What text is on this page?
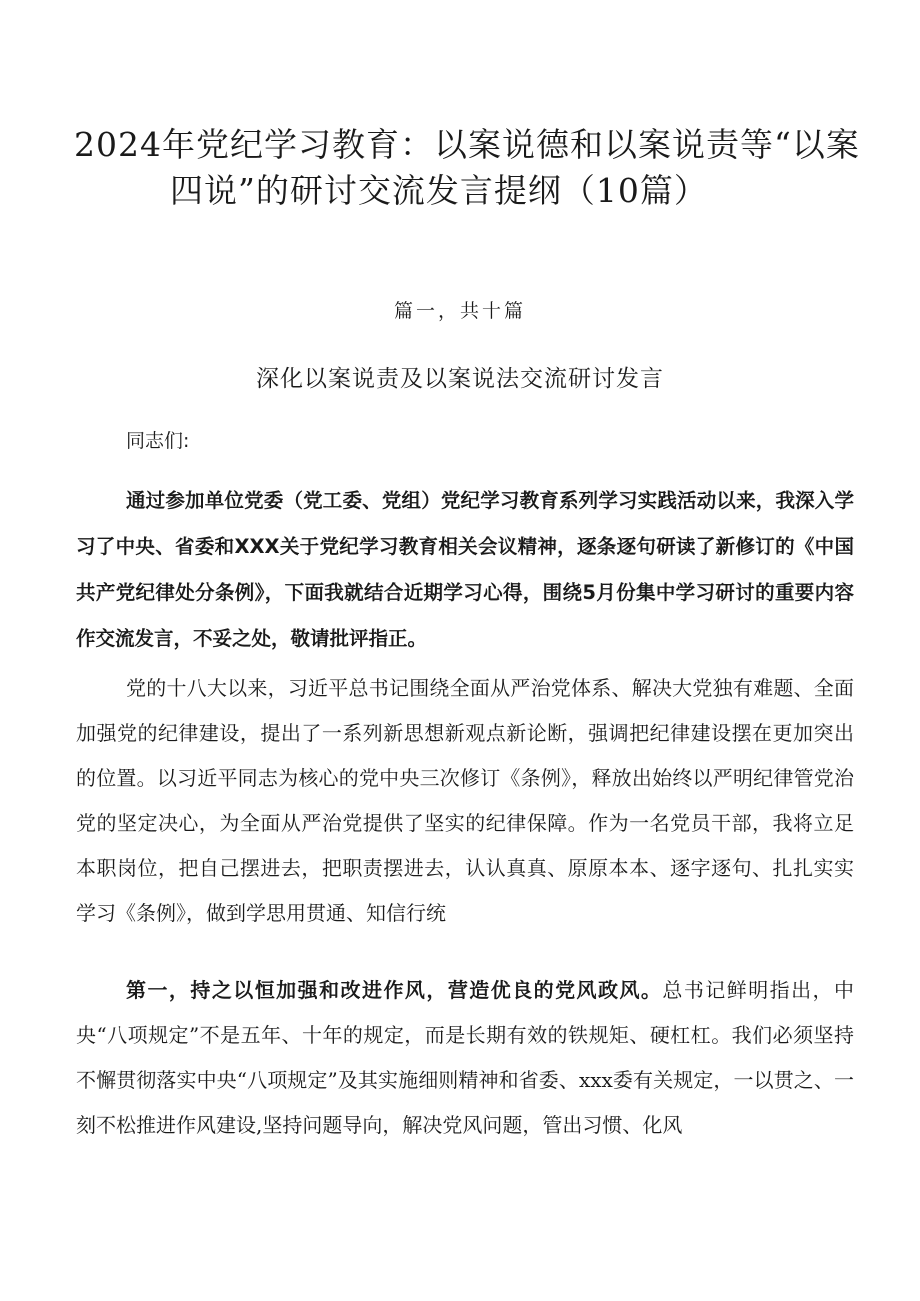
2024年党纪学习教育：以案说德和以案说责等“以案
四说”的研讨交流发言提纲（10篇）
篇一，共十篇
深化以案说责及以案说法交流研讨发言
同志们:

通过参加单位党委（党工委、党组）党纪学习教育系列学习实践活动以来，我深入学习了中央、省委和XXX关于党纪学习教育相关会议精神，逐条逐句研读了新修订的《中国共产党纪律处分条例》，下面我就结合近期学习心得，围绕5月份集中学习研讨的重要内容作交流发言，不妥之处，敬请批评指正。

党的十八大以来，习近平总书记围绕全面从严治党体系、解决大党独有难题、全面加强党的纪律建设，提出了一系列新思想新观点新论断，强调把纪律建设摆在更加突出的位置。以习近平同志为核心的党中央三次修订《条例》，释放出始终以严明纪律管党治党的坚定决心，为全面从严治党提供了坚实的纪律保障。作为一名党员干部，我将立足本职岗位，把自己摆进去，把职责摆进去，认认真真、原原本本、逐字逐句、扎扎实实学习《条例》，做到学思用贯通、知信行统

第一，持之以恒加强和改进作风，营造优良的党风政风。总书记鲜明指出，中央“八项规定”不是五年、十年的规定，而是长期有效的铁规矩、硬杠杠。我们必须坚持不懈贯彻落实中央“八项规定”及其实施细则精神和省委、xxx委有关规定，一以贯之、一刻不松推进作风建设,坚持问题导向，解决党风问题，管出习惯、化风
